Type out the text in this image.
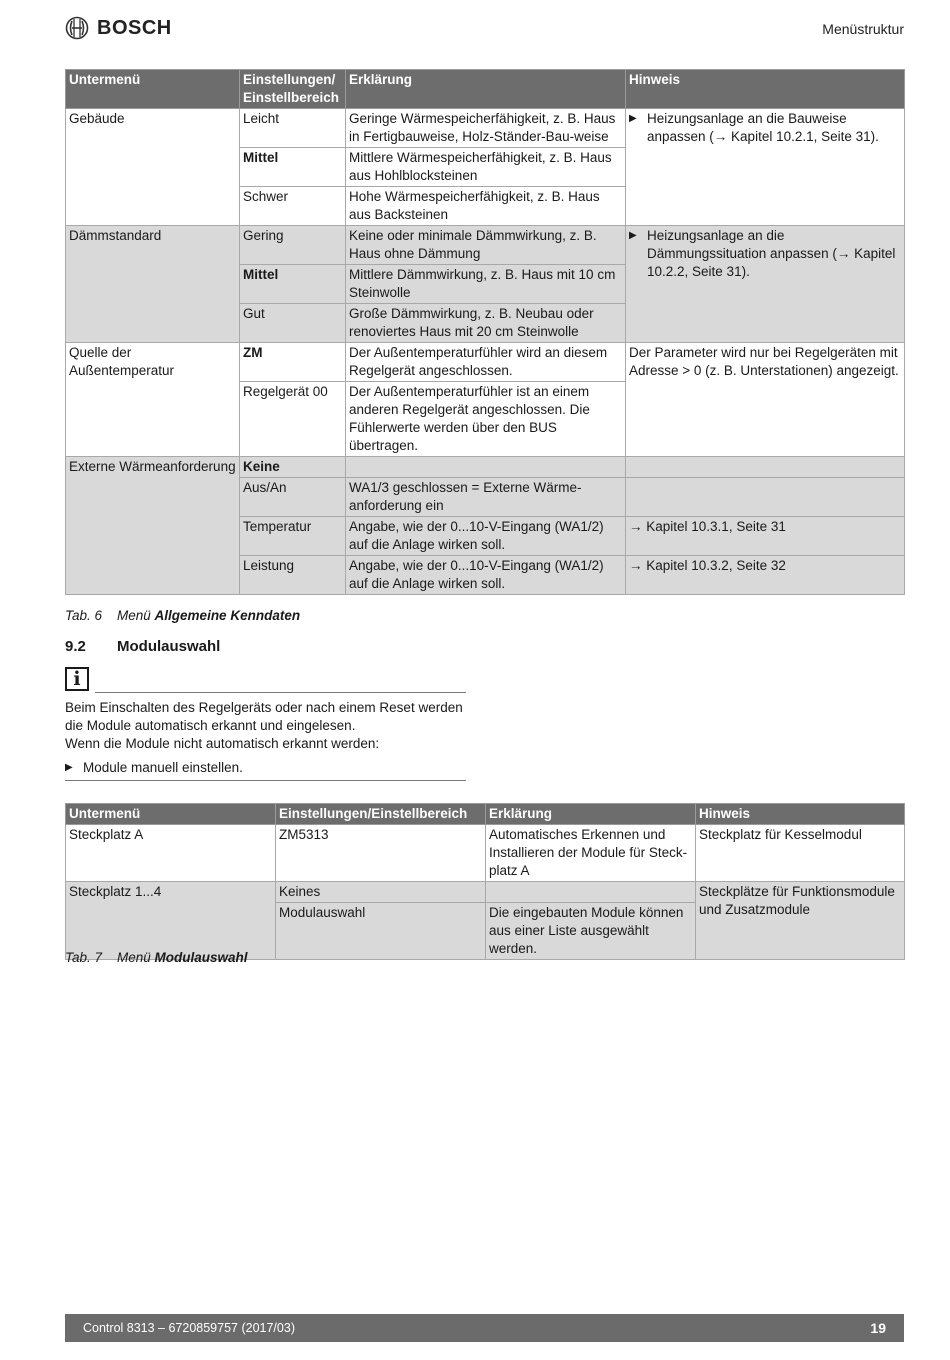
BOSCH	Menüstruktur
Untermenü	Einstellungen/ Einstellbereich	Erklärung	Hinweis
Gebäude	Leicht	Geringe Wärmespeicherfähigkeit, z. B. Haus in Fertigbauweise, Holz-Ständer-Bau-weise	▶ Heizungsanlage an die Bauweise anpassen (→ Kapitel 10.2.1, Seite 31).

	Mittel	Mittlere Wärmespeicherfähigkeit, z. B. Haus aus Hohlblocksteinen	
	Schwer	Hohe Wärmespeicherfähigkeit, z. B. Haus aus Backsteinen	
Dämmstandard	Gering	Keine oder minimale Dämmwirkung, z. B. Haus ohne Dämmung	▶ Heizungsanlage an die Dämmungssituation anpassen (→ Kapitel 10.2.2, Seite 31).

	Mittel	Mittlere Dämmwirkung, z. B. Haus mit 10 cm Steinwolle	
	Gut	Große Dämmwirkung, z. B. Neubau oder renoviertes Haus mit 20 cm Steinwolle	
Quelle der Außentemperatur	ZM	Der Außentemperaturfühler wird an diesem Regelgerät angeschlossen.	Der Parameter wird nur bei Regelgeräten mit Adresse > 0 (z. B. Unterstationen) angezeigt.
	Regelgerät 00	Der Außentemperaturfühler ist an einem anderen Regelgerät angeschlossen. Die Fühlerwerte werden über den BUS übertragen.	
Externe Wärmeanforderung	Keine		
	Aus/An	WA1/3 geschlossen = Externe Wärme-anforderung ein	
	Temperatur	Angabe, wie der 0...10-V-Eingang (WA1/2) auf die Anlage wirken soll.	→ Kapitel 10.3.1, Seite 31
	Leistung	Angabe, wie der 0...10-V-Eingang (WA1/2) auf die Anlage wirken soll.	→ Kapitel 10.3.2, Seite 32
Tab. 6 Menü Allgemeine Kenndaten
9.2 Modulauswahl
i

Beim Einschalten des Regelgeräts oder nach einem Reset werden die Module automatisch erkannt und eingelesen.

Wenn die Module nicht automatisch erkannt werden:

▶ Module manuell einstellen.
Untermenü	Einstellungen/Einstellbereich	Erklärung	Hinweis
Steckplatz A	ZM5313	Automatisches Erkennen und Installieren der Module für Steck-platz A	Steckplatz für Kesselmodul
Steckplatz 1...4	Keines		Steckplätze für Funktionsmodule und Zusatzmodule
	Modulauswahl	Die eingebauten Module können aus einer Liste ausgewählt werden.	
Tab. 7 Menü Modulauswahl
Control 8313 – 6720859757 (2017/03)	19
